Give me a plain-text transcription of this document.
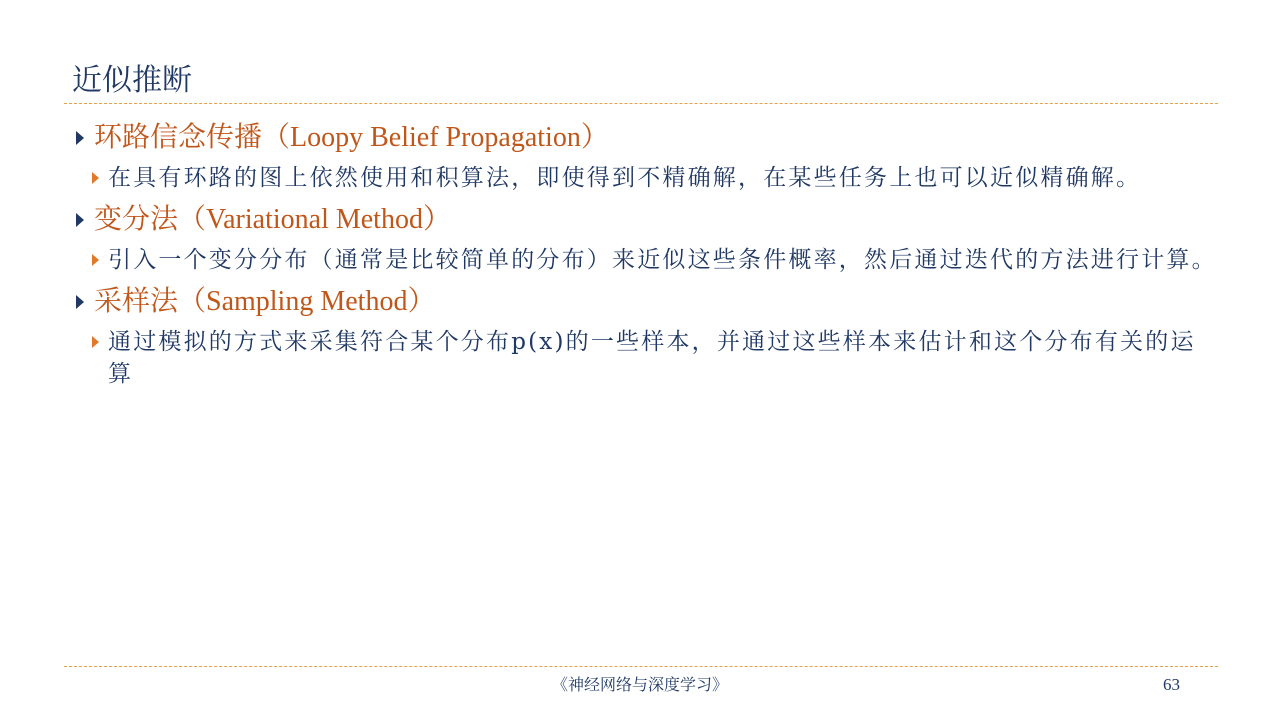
近似推断
环路信念传播（Loopy Belief Propagation）
在具有环路的图上依然使用和积算法，即使得到不精确解，在某些任务上也可以近似精确解。
变分法（Variational Method）
引入一个变分分布（通常是比较简单的分布）来近似这些条件概率，然后通过迭代的方法进行计算。
采样法（Sampling Method）
通过模拟的方式来采集符合某个分布p(x)的一些样本，并通过这些样本来估计和这个分布有关的运算
《神经网络与深度学习》	63
